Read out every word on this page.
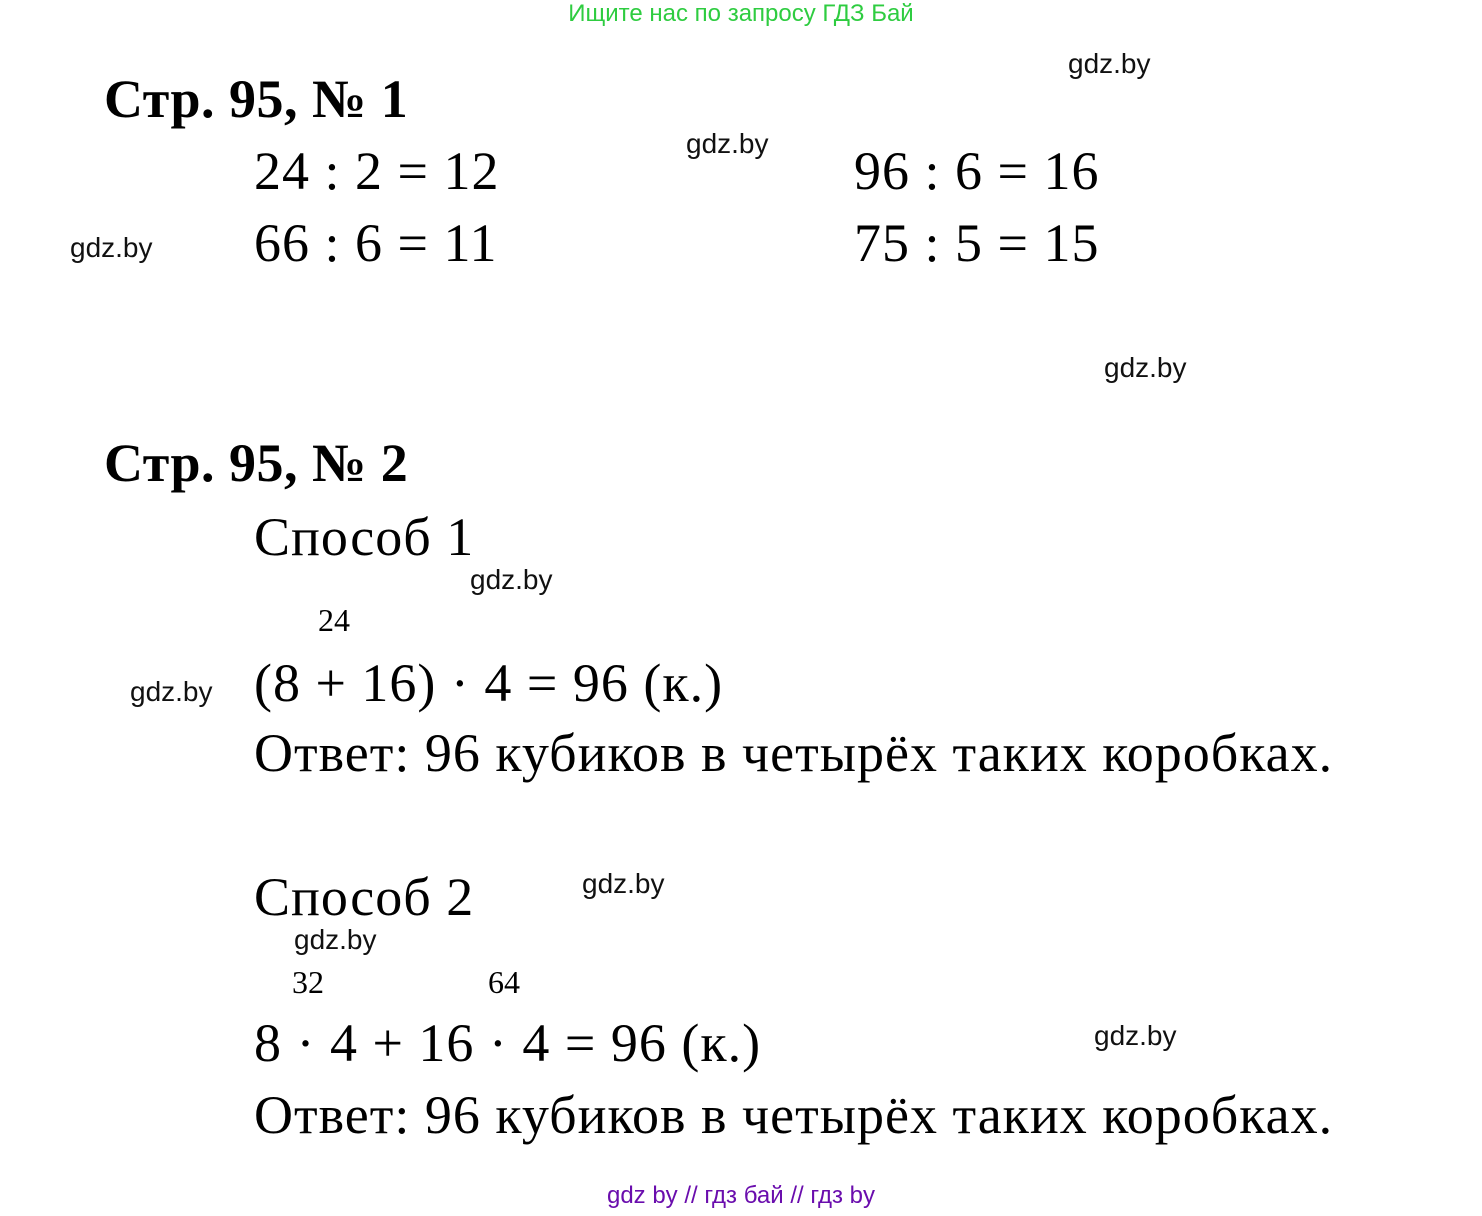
Ищите нас по запросу ГДЗ Бай
Стр. 95, № 1
24 : 2 = 12	96 : 6 = 16
66 : 6 = 11	75 : 5 = 15
Стр. 95, № 2
Способ 1
24
(8 + 16) · 4 = 96 (к.)
Ответ: 96 кубиков в четырёх таких коробках.
Способ 2
32	64
8 · 4 + 16 · 4 = 96 (к.)
Ответ: 96 кубиков в четырёх таких коробках.
gdz.by
gdz.by
gdz.by
gdz.by
gdz.by
gdz.by
gdz.by
gdz.by
gdz.by
gdz by // гдз бай // гдз by
